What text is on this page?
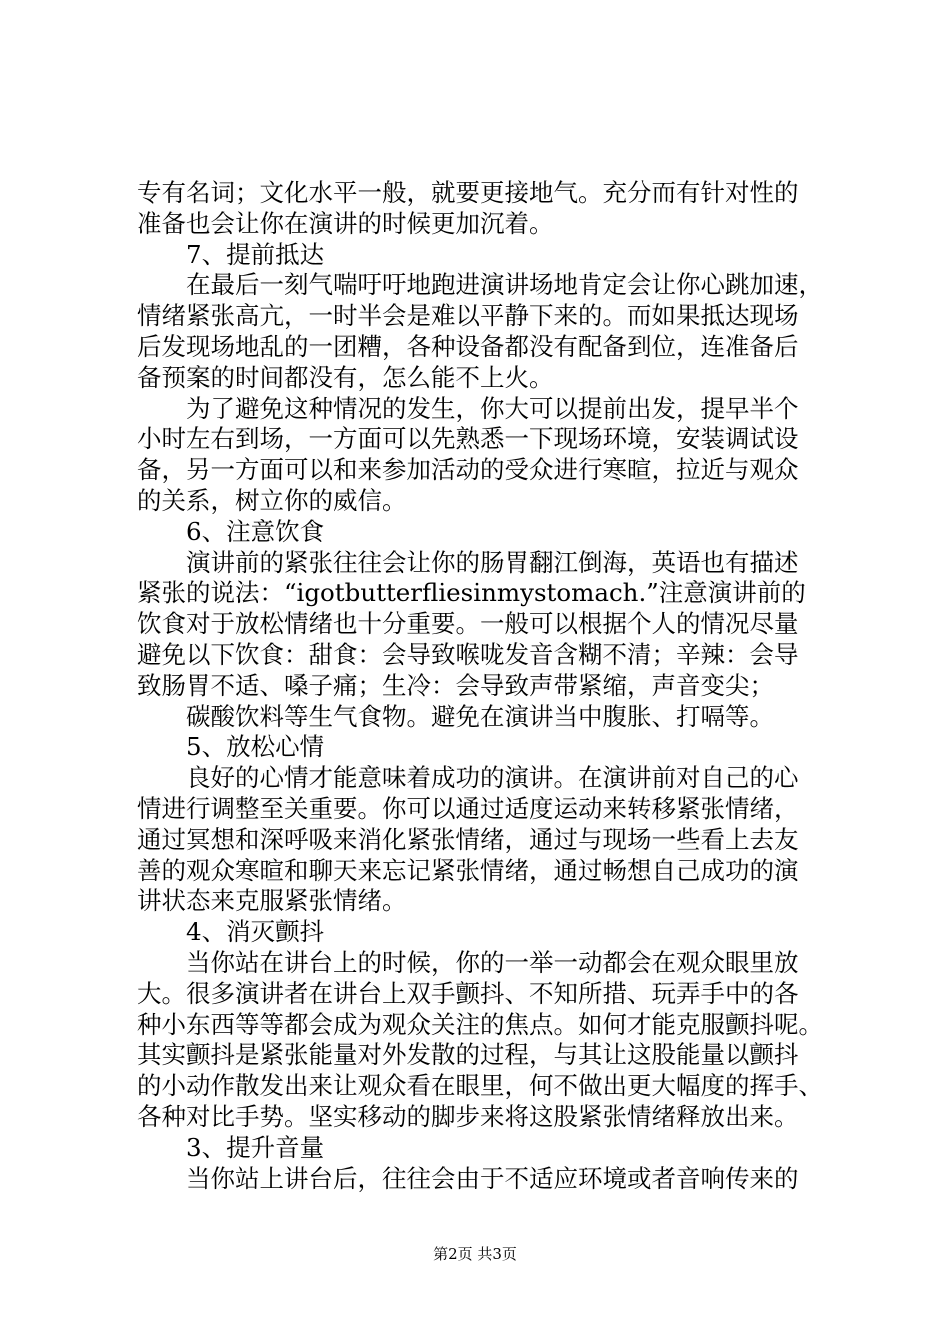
专有名词；文化水平一般，就要更接地气。充分而有针对性的
准备也会让你在演讲的时候更加沉着。
7、提前抵达
在最后一刻气喘吁吁地跑进演讲场地肯定会让你心跳加速，
情绪紧张高亢，一时半会是难以平静下来的。而如果抵达现场
后发现场地乱的一团糟，各种设备都没有配备到位，连准备后
备预案的时间都没有，怎么能不上火。
为了避免这种情况的发生，你大可以提前出发，提早半个
小时左右到场，一方面可以先熟悉一下现场环境，安装调试设
备，另一方面可以和来参加活动的受众进行寒暄，拉近与观众
的关系，树立你的威信。
6、注意饮食
演讲前的紧张往往会让你的肠胃翻江倒海，英语也有描述
紧张的说法：“igotbutterfliesinmystomach.”注意演讲前的
饮食对于放松情绪也十分重要。一般可以根据个人的情况尽量
避免以下饮食：甜食：会导致喉咙发音含糊不清；辛辣：会导
致肠胃不适、嗓子痛；生冷：会导致声带紧缩，声音变尖；
碳酸饮料等生气食物。避免在演讲当中腹胀、打嗝等。
5、放松心情
良好的心情才能意味着成功的演讲。在演讲前对自己的心
情进行调整至关重要。你可以通过适度运动来转移紧张情绪，
通过冥想和深呼吸来消化紧张情绪，通过与现场一些看上去友
善的观众寒暄和聊天来忘记紧张情绪，通过畅想自己成功的演
讲状态来克服紧张情绪。
4、消灭颤抖
当你站在讲台上的时候，你的一举一动都会在观众眼里放
大。很多演讲者在讲台上双手颤抖、不知所措、玩弄手中的各
种小东西等等都会成为观众关注的焦点。如何才能克服颤抖呢。
其实颤抖是紧张能量对外发散的过程，与其让这股能量以颤抖
的小动作散发出来让观众看在眼里，何不做出更大幅度的挥手、
各种对比手势。坚实移动的脚步来将这股紧张情绪释放出来。
3、提升音量
当你站上讲台后，往往会由于不适应环境或者音响传来的
第2页 共3页
